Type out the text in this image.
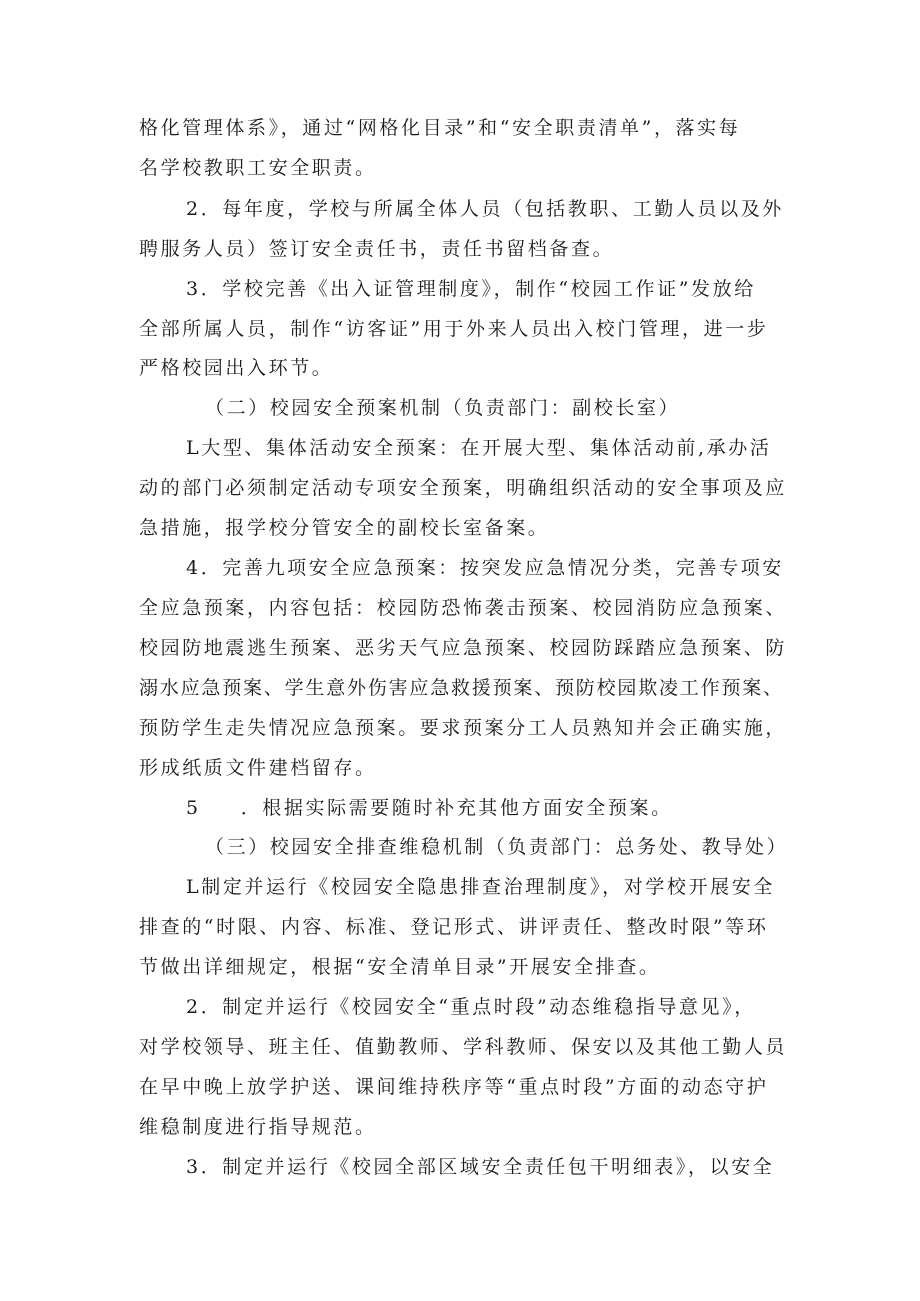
格化管理体系》，通过“网格化目录”和“安全职责清单”，落实每
名学校教职工安全职责。
2．每年度，学校与所属全体人员（包括教职、工勤人员以及外
聘服务人员）签订安全责任书，责任书留档备查。
3．学校完善《出入证管理制度》，制作“校园工作证”发放给
全部所属人员，制作“访客证”用于外来人员出入校门管理，进一步
严格校园出入环节。
（二）校园安全预案机制（负责部门：副校长室）
L大型、集体活动安全预案：在开展大型、集体活动前,承办活
动的部门必须制定活动专项安全预案，明确组织活动的安全事项及应
急措施，报学校分管安全的副校长室备案。
4．完善九项安全应急预案：按突发应急情况分类，完善专项安
全应急预案，内容包括：校园防恐怖袭击预案、校园消防应急预案、
校园防地震逃生预案、恶劣天气应急预案、校园防踩踏应急预案、防
溺水应急预案、学生意外伤害应急救援预案、预防校园欺凌工作预案、
预防学生走失情况应急预案。要求预案分工人员熟知并会正确实施，
形成纸质文件建档留存。
5 ．根据实际需要随时补充其他方面安全预案。
（三）校园安全排查维稳机制（负责部门：总务处、教导处）
L制定并运行《校园安全隐患排查治理制度》，对学校开展安全
排查的“时限、内容、标准、登记形式、讲评责任、整改时限”等环
节做出详细规定，根据“安全清单目录”开展安全排查。
2．制定并运行《校园安全“重点时段”动态维稳指导意见》，
对学校领导、班主任、值勤教师、学科教师、保安以及其他工勤人员
在早中晚上放学护送、课间维持秩序等“重点时段”方面的动态守护
维稳制度进行指导规范。
3．制定并运行《校园全部区域安全责任包干明细表》，以安全
